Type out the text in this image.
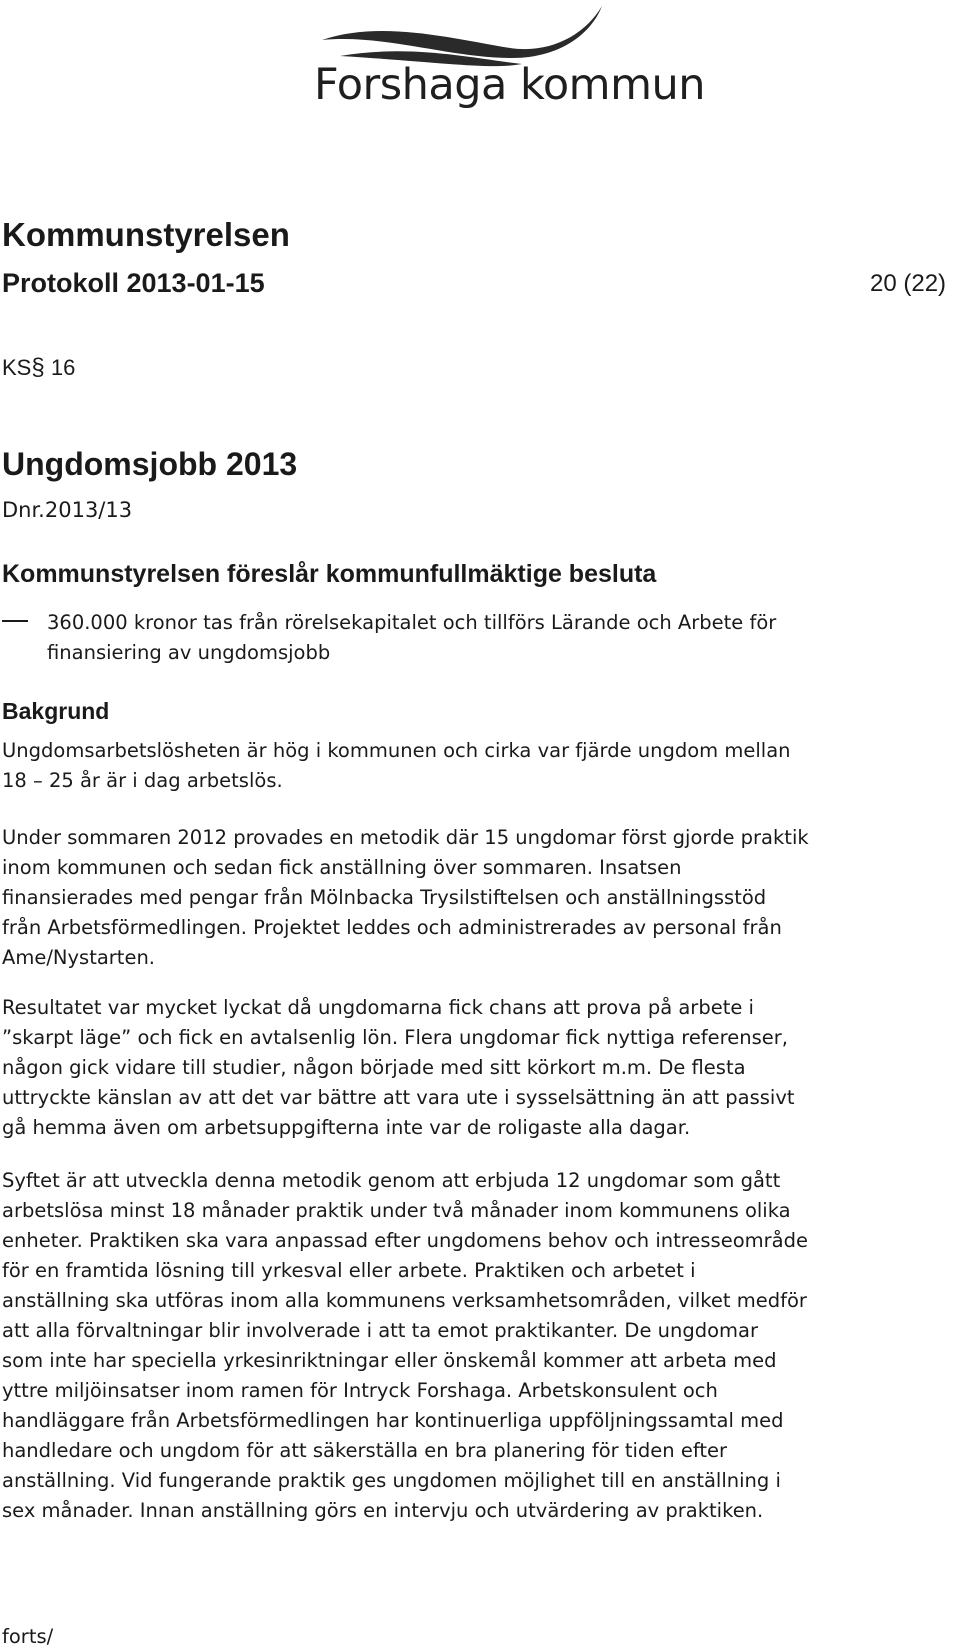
Forshaga kommun
Kommunstyrelsen
Protokoll 2013-01-15	20 (22)
KS§ 16
Ungdomsjobb 2013
Dnr.2013/13
Kommunstyrelsen föreslår kommunfullmäktige besluta
360.000 kronor tas från rörelsekapitalet och tillförs Lärande och Arbete för
finansiering av ungdomsjobb
Bakgrund
Ungdomsarbetslösheten är hög i kommunen och cirka var fjärde ungdom mellan
18 – 25 år är i dag arbetslös.
Under sommaren 2012 provades en metodik där 15 ungdomar först gjorde praktik
inom kommunen och sedan fick anställning över sommaren. Insatsen
finansierades med pengar från Mölnbacka Trysilstiftelsen och anställningsstöd
från Arbetsförmedlingen. Projektet leddes och administrerades av personal från
Ame/Nystarten.
Resultatet var mycket lyckat då ungdomarna fick chans att prova på arbete i
”skarpt läge” och fick en avtalsenlig lön. Flera ungdomar fick nyttiga referenser,
någon gick vidare till studier, någon började med sitt körkort m.m. De flesta
uttryckte känslan av att det var bättre att vara ute i sysselsättning än att passivt
gå hemma även om arbetsuppgifterna inte var de roligaste alla dagar.
Syftet är att utveckla denna metodik genom att erbjuda 12 ungdomar som gått
arbetslösa minst 18 månader praktik under två månader inom kommunens olika
enheter. Praktiken ska vara anpassad efter ungdomens behov och intresseområde
för en framtida lösning till yrkesval eller arbete. Praktiken och arbetet i
anställning ska utföras inom alla kommunens verksamhetsområden, vilket medför
att alla förvaltningar blir involverade i att ta emot praktikanter. De ungdomar
som inte har speciella yrkesinriktningar eller önskemål kommer att arbeta med
yttre miljöinsatser inom ramen för Intryck Forshaga. Arbetskonsulent och
handläggare från Arbetsförmedlingen har kontinuerliga uppföljningssamtal med
handledare och ungdom för att säkerställa en bra planering för tiden efter
anställning. Vid fungerande praktik ges ungdomen möjlighet till en anställning i
sex månader. Innan anställning görs en intervju och utvärdering av praktiken.
forts/
